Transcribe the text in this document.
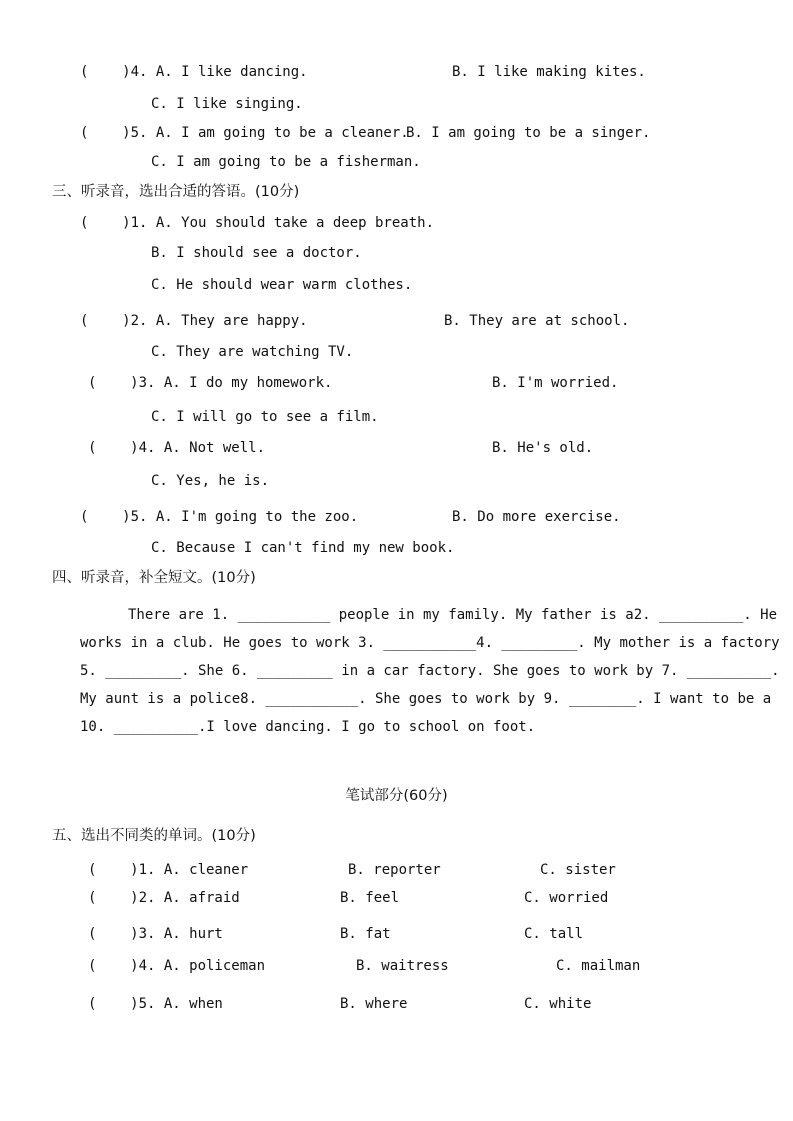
(    )4. A. I like dancing.	B. I like making kites.
C. I like singing.
(    )5. A. I am going to be a cleaner.
B. I am going to be a singer.
C. I am going to be a fisherman.
三、听录音，选出合适的答语。(10分)
(    )1. A. You should take a deep breath.
B. I should see a doctor.
C. He should wear warm clothes.
(    )2. A. They are happy.	B. They are at school.
C. They are watching TV.
(    )3. A. I do my homework.	B. I'm worried.
C. I will go to see a film.
(    )4. A. Not well.	B. He's old.
C. Yes, he is.
(    )5. A. I'm going to the zoo.	B. Do more exercise.
C. Because I can't find my new book.
四、听录音，补全短文。(10分)
There are 1. ___________ people in my family. My father is a2. __________. He
works in a club. He goes to work 3. ___________4. _________. My mother is a factory
5. _________. She 6. _________ in a car factory. She goes to work by 7. __________.
My aunt is a police8. ___________. She goes to work by 9. ________. I want to be a
10. __________.I love dancing. I go to school on foot.
笔试部分(60分)
五、选出不同类的单词。(10分)
(    )1. A. cleaner	B. reporter	C. sister
(    )2. A. afraid	B. feel	C. worried
(    )3. A. hurt	B. fat	C. tall
(    )4. A. policeman	B. waitress	C. mailman
(    )5. A. when	B. where	C. white
